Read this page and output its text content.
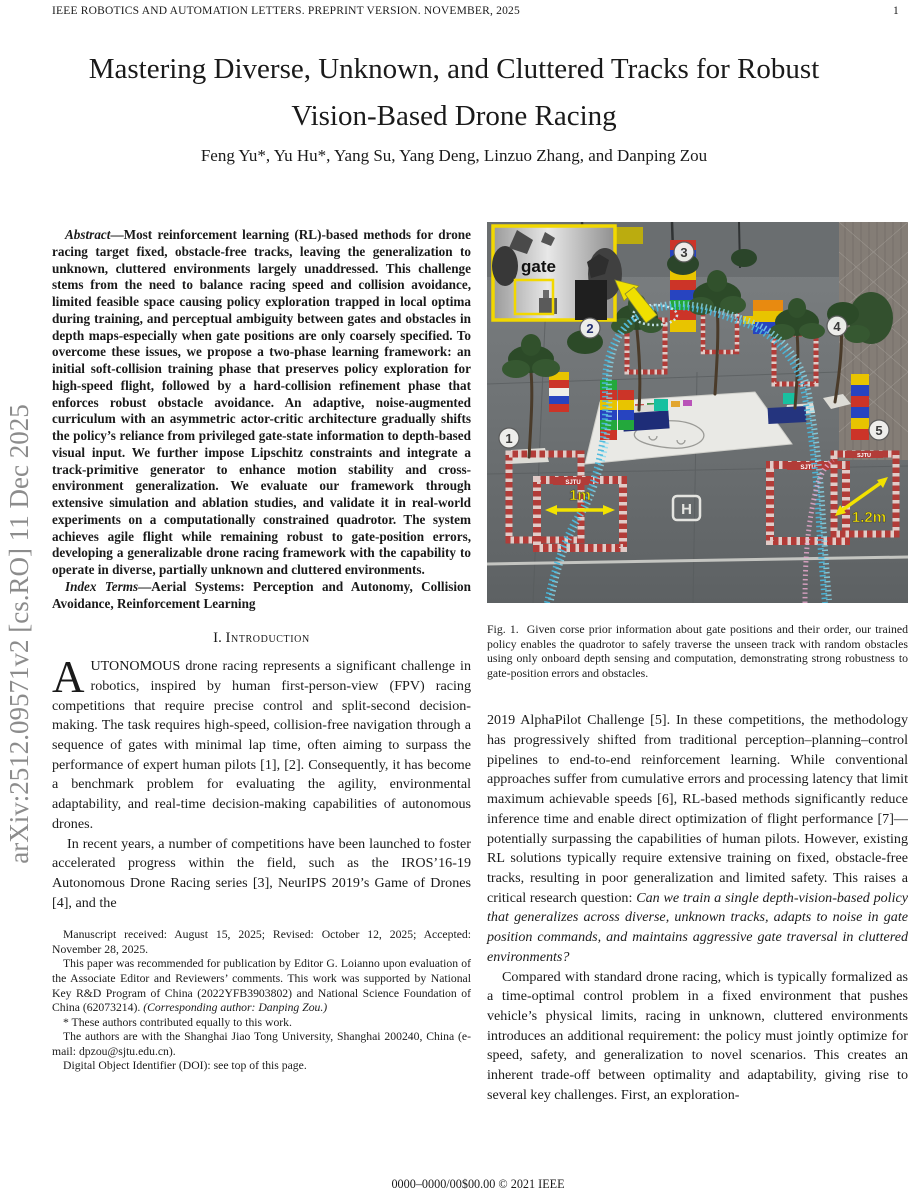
IEEE ROBOTICS AND AUTOMATION LETTERS. PREPRINT VERSION. NOVEMBER, 2025	1
arXiv:2512.09571v2 [cs.RO] 11 Dec 2025
Mastering Diverse, Unknown, and Cluttered Tracks for Robust
Vision-Based Drone Racing
Feng Yu*, Yu Hu*, Yang Su, Yang Deng, Linzuo Zhang, and Danping Zou

Abstract—Most reinforcement learning (RL)-based methods for drone racing target fixed, obstacle-free tracks, leaving the generalization to unknown, cluttered environments largely unaddressed. This challenge stems from the need to balance racing speed and collision avoidance, limited feasible space causing policy exploration trapped in local optima during training, and perceptual ambiguity between gates and obstacles in depth maps-especially when gate positions are only coarsely specified. To overcome these issues, we propose a two-phase learning framework: an initial soft-collision training phase that preserves policy exploration for high-speed flight, followed by a hard-collision refinement phase that enforces robust obstacle avoidance. An adaptive, noise-augmented curriculum with an asymmetric actor-critic architecture gradually shifts the policy’s reliance from privileged gate-state information to depth-based visual input. We further impose Lipschitz constraints and integrate a track-primitive generator to enhance motion stability and cross-environment generalization. We evaluate our framework through extensive simulation and ablation studies, and validate it in real-world experiments on a computationally constrained quadrotor. The system achieves agile flight while remaining robust to gate-position errors, developing a generalizable drone racing framework with the capability to operate in diverse, partially unknown and cluttered environments.

Index Terms—Aerial Systems: Perception and Autonomy, Collision Avoidance, Reinforcement Learning

I. Introduction

AUTONOMOUS drone racing represents a significant challenge in robotics, inspired by human first-person-view (FPV) racing competitions that require precise control and split-second decision-making. The task requires high-speed, collision-free navigation through a sequence of gates with minimal lap time, often aiming to surpass the performance of expert human pilots [1], [2]. Consequently, it has become a benchmark problem for evaluating the agility, environmental adaptability, and real-time decision-making capabilities of autonomous drones.

In recent years, a number of competitions have been launched to foster accelerated progress within the field, such as the IROS’16-19 Autonomous Drone Racing series [3], NeurIPS 2019’s Game of Drones [4], and the

Manuscript received: August 15, 2025; Revised: October 12, 2025; Accepted: November 28, 2025.

This paper was recommended for publication by Editor G. Loianno upon evaluation of the Associate Editor and Reviewers’ comments. This work was supported by National Key R&D Program of China (2022YFB3903802) and National Science Foundation of China (62073214). (Corresponding author: Danping Zou.)

* These authors contributed equally to this work.

The authors are with the Shanghai Jiao Tong University, Shanghai 200240, China (e-mail: dpzou@sjtu.edu.cn).

Digital Object Identifier (DOI): see top of this page.

SJTU
SJTU
SJTU
H
gate
1
2
3
4
5
1m
1.2m
Fig. 1. Given corse prior information about gate positions and their order, our trained policy enables the quadrotor to safely traverse the unseen track with random obstacles using only onboard depth sensing and computation, demonstrating strong robustness to gate-position errors and obstacles.

2019 AlphaPilot Challenge [5]. In these competitions, the methodology has progressively shifted from traditional perception–planning–control pipelines to end-to-end reinforcement learning. While conventional approaches suffer from cumulative errors and processing latency that limit maximum achievable speeds [6], RL-based methods significantly reduce inference time and enable direct optimization of flight performance [7]—potentially surpassing the capabilities of human pilots. However, existing RL solutions typically require extensive training on fixed, obstacle-free tracks, resulting in poor generalization and limited safety. This raises a critical research question: Can we train a single depth-vision-based policy that generalizes across diverse, unknown tracks, adapts to noise in gate position commands, and maintains aggressive gate traversal in cluttered environments?

Compared with standard drone racing, which is typically formalized as a time-optimal control problem in a fixed environment that pushes vehicle’s physical limits, racing in unknown, cluttered environments introduces an additional requirement: the policy must jointly optimize for speed, safety, and generalization to novel scenarios. This creates an inherent trade-off between optimality and adaptability, giving rise to several key challenges. First, an exploration-

0000–0000/00$00.00 © 2021 IEEE
